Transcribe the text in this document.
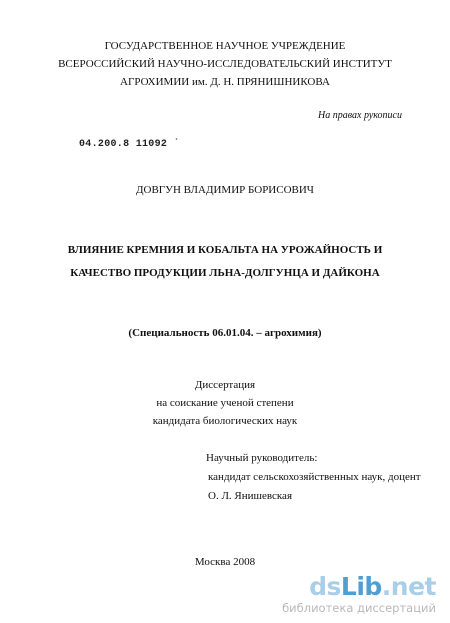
ГОСУДАРСТВЕННОЕ НАУЧНОЕ УЧРЕЖДЕНИЕ
ВСЕРОССИЙСКИЙ НАУЧНО-ИССЛЕДОВАТЕЛЬСКИЙ ИНСТИТУТ
АГРОХИМИИ им. Д. Н. ПРЯНИШНИКОВА
На правах рукописи
04.200.8 11092 ˙
ДОВГУН ВЛАДИМИР БОРИСОВИЧ
ВЛИЯНИЕ КРЕМНИЯ И КОБАЛЬТА НА УРОЖАЙНОСТЬ И
КАЧЕСТВО ПРОДУКЦИИ ЛЬНА-ДОЛГУНЦА И ДАЙКОНА
(Специальность 06.01.04. – агрохимия)
Диссертация
на соискание ученой степени
кандидата биологических наук
Научный руководитель:
кандидат сельскохозяйственных наук, доцент
О. Л. Янишевская
Москва 2008
dsLib.net
библиотека диссертаций
